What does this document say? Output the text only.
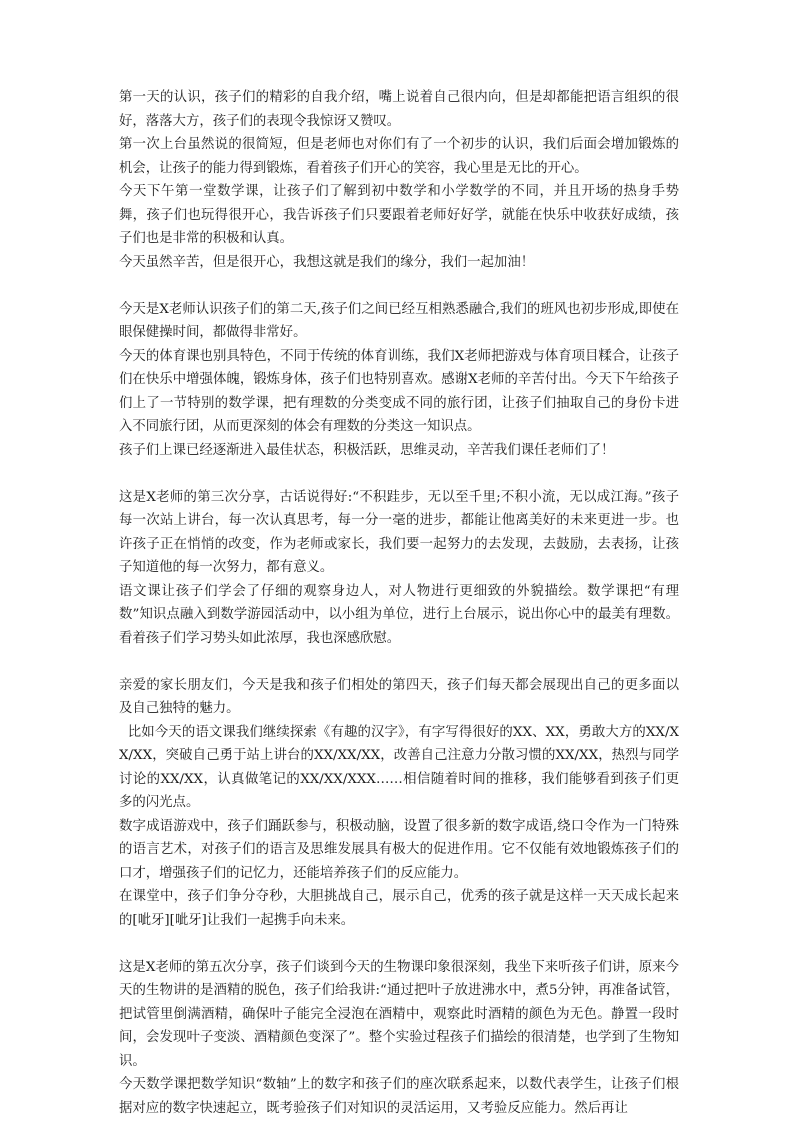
第一天的认识，孩子们的精彩的自我介绍，嘴上说着自己很内向，但是却都能把语言组织的很好，落落大方，孩子们的表现令我惊讶又赞叹。

第一次上台虽然说的很简短，但是老师也对你们有了一个初步的认识，我们后面会增加锻炼的机会，让孩子的能力得到锻炼，看着孩子们开心的笑容，我心里是无比的开心。

今天下午第一堂数学课，让孩子们了解到初中数学和小学数学的不同，并且开场的热身手势舞，孩子们也玩得很开心，我告诉孩子们只要跟着老师好好学，就能在快乐中收获好成绩，孩子们也是非常的积极和认真。

今天虽然辛苦，但是很开心，我想这就是我们的缘分，我们一起加油！

今天是X老师认识孩子们的第二天,孩子们之间已经互相熟悉融合,我们的班风也初步形成,即使在眼保健操时间，都做得非常好。

今天的体育课也别具特色，不同于传统的体育训练，我们X老师把游戏与体育项目糅合，让孩子们在快乐中增强体魄，锻炼身体，孩子们也特别喜欢。感谢X老师的辛苦付出。今天下午给孩子们上了一节特别的数学课，把有理数的分类变成不同的旅行团，让孩子们抽取自己的身份卡进入不同旅行团，从而更深刻的体会有理数的分类这一知识点。

孩子们上课已经逐渐进入最佳状态，积极活跃，思维灵动，辛苦我们课任老师们了！

这是X老师的第三次分享，古话说得好:“不积跬步，无以至千里;不积小流，无以成江海。”孩子每一次站上讲台，每一次认真思考，每一分一毫的进步，都能让他离美好的未来更进一步。也许孩子正在悄悄的改变，作为老师或家长，我们要一起努力的去发现，去鼓励，去表扬，让孩子知道他的每一次努力，都有意义。

语文课让孩子们学会了仔细的观察身边人，对人物进行更细致的外貌描绘。数学课把“有理数”知识点融入到数学游园活动中，以小组为单位，进行上台展示，说出你心中的最美有理数。看着孩子们学习势头如此浓厚，我也深感欣慰。

亲爱的家长朋友们，今天是我和孩子们相处的第四天，孩子们每天都会展现出自己的更多面以及自己独特的魅力。

比如今天的语文课我们继续探索《有趣的汉字》，有字写得很好的XX、XX，勇敢大方的XX/XX/XX，突破自己勇于站上讲台的XX/XX/XX，改善自己注意力分散习惯的XX/XX，热烈与同学讨论的XX/XX，认真做笔记的XX/XX/XXX……相信随着时间的推移，我们能够看到孩子们更多的闪光点。

数字成语游戏中，孩子们踊跃参与，积极动脑，设置了很多新的数字成语,绕口令作为一门特殊的语言艺术，对孩子们的语言及思维发展具有极大的促进作用。它不仅能有效地锻炼孩子们的口才，增强孩子们的记忆力，还能培养孩子们的反应能力。

在课堂中，孩子们争分夺秒，大胆挑战自己，展示自己，优秀的孩子就是这样一天天成长起来的[呲牙][呲牙]让我们一起携手向未来。

这是X老师的第五次分享，孩子们谈到今天的生物课印象很深刻，我坐下来听孩子们讲，原来今天的生物讲的是酒精的脱色，孩子们给我讲:“通过把叶子放进沸水中，煮5分钟，再准备试管，把试管里倒满酒精，确保叶子能完全浸泡在酒精中，观察此时酒精的颜色为无色。静置一段时间，会发现叶子变淡、酒精颜色变深了”。整个实验过程孩子们描绘的很清楚，也学到了生物知识。

今天数学课把数学知识“数轴”上的数字和孩子们的座次联系起来，以数代表学生，让孩子们根据对应的数字快速起立，既考验孩子们对知识的灵活运用，又考验反应能力。然后再让
